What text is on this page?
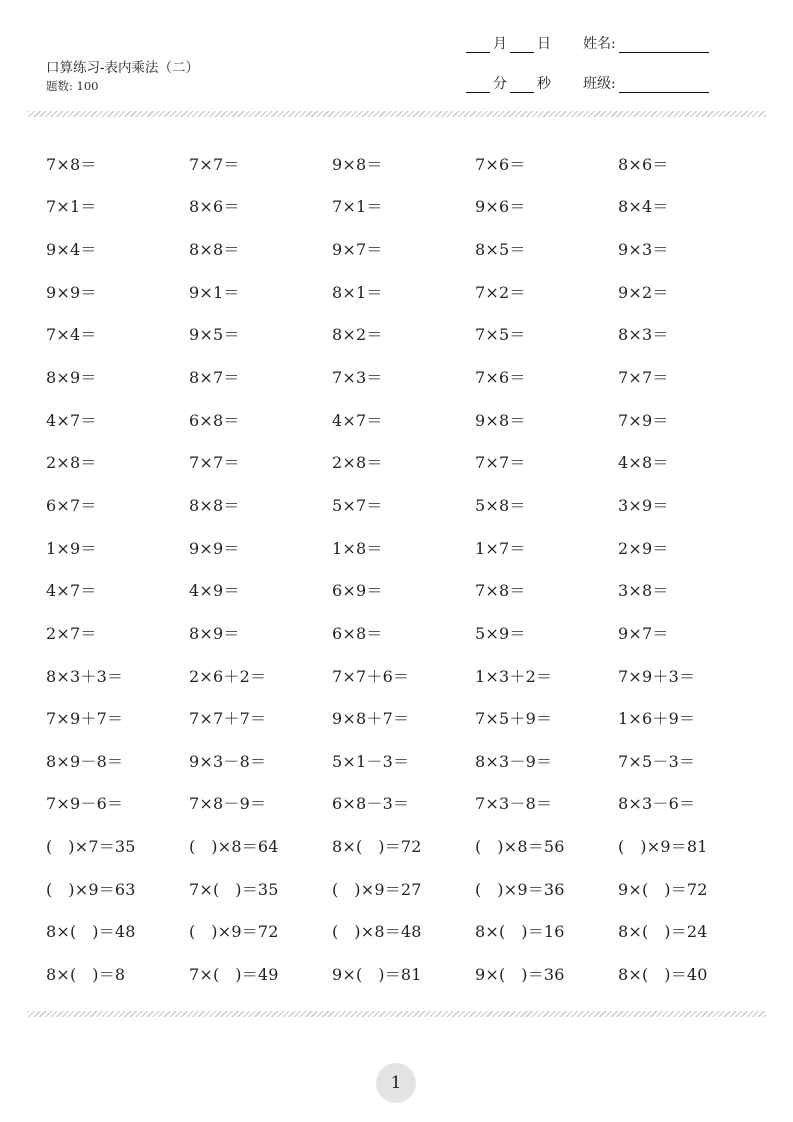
口算练习-表内乘法（二）
题数: 100
月 日 姓名:
分 秒 班级:
7×8＝	7×7＝	9×8＝	7×6＝	8×6＝
7×1＝	8×6＝	7×1＝	9×6＝	8×4＝
9×4＝	8×8＝	9×7＝	8×5＝	9×3＝
9×9＝	9×1＝	8×1＝	7×2＝	9×2＝
7×4＝	9×5＝	8×2＝	7×5＝	8×3＝
8×9＝	8×7＝	7×3＝	7×6＝	7×7＝
4×7＝	6×8＝	4×7＝	9×8＝	7×9＝
2×8＝	7×7＝	2×8＝	7×7＝	4×8＝
6×7＝	8×8＝	5×7＝	5×8＝	3×9＝
1×9＝	9×9＝	1×8＝	1×7＝	2×9＝
4×7＝	4×9＝	6×9＝	7×8＝	3×8＝
2×7＝	8×9＝	6×8＝	5×9＝	9×7＝
8×3＋3＝	2×6＋2＝	7×7＋6＝	1×3＋2＝	7×9＋3＝
7×9＋7＝	7×7＋7＝	9×8＋7＝	7×5＋9＝	1×6＋9＝
8×9－8＝	9×3－8＝	5×1－3＝	8×3－9＝	7×5－3＝
7×9－6＝	7×8－9＝	6×8－3＝	7×3－8＝	8×3－6＝
(   )×7＝35	(   )×8＝64	8×(   )＝72	(   )×8＝56	(   )×9＝81
(   )×9＝63	7×(   )＝35	(   )×9＝27	(   )×9＝36	9×(   )＝72
8×(   )＝48	(   )×9＝72	(   )×8＝48	8×(   )＝16	8×(   )＝24
8×(   )＝8	7×(   )＝49	9×(   )＝81	9×(   )＝36	8×(   )＝40
1
